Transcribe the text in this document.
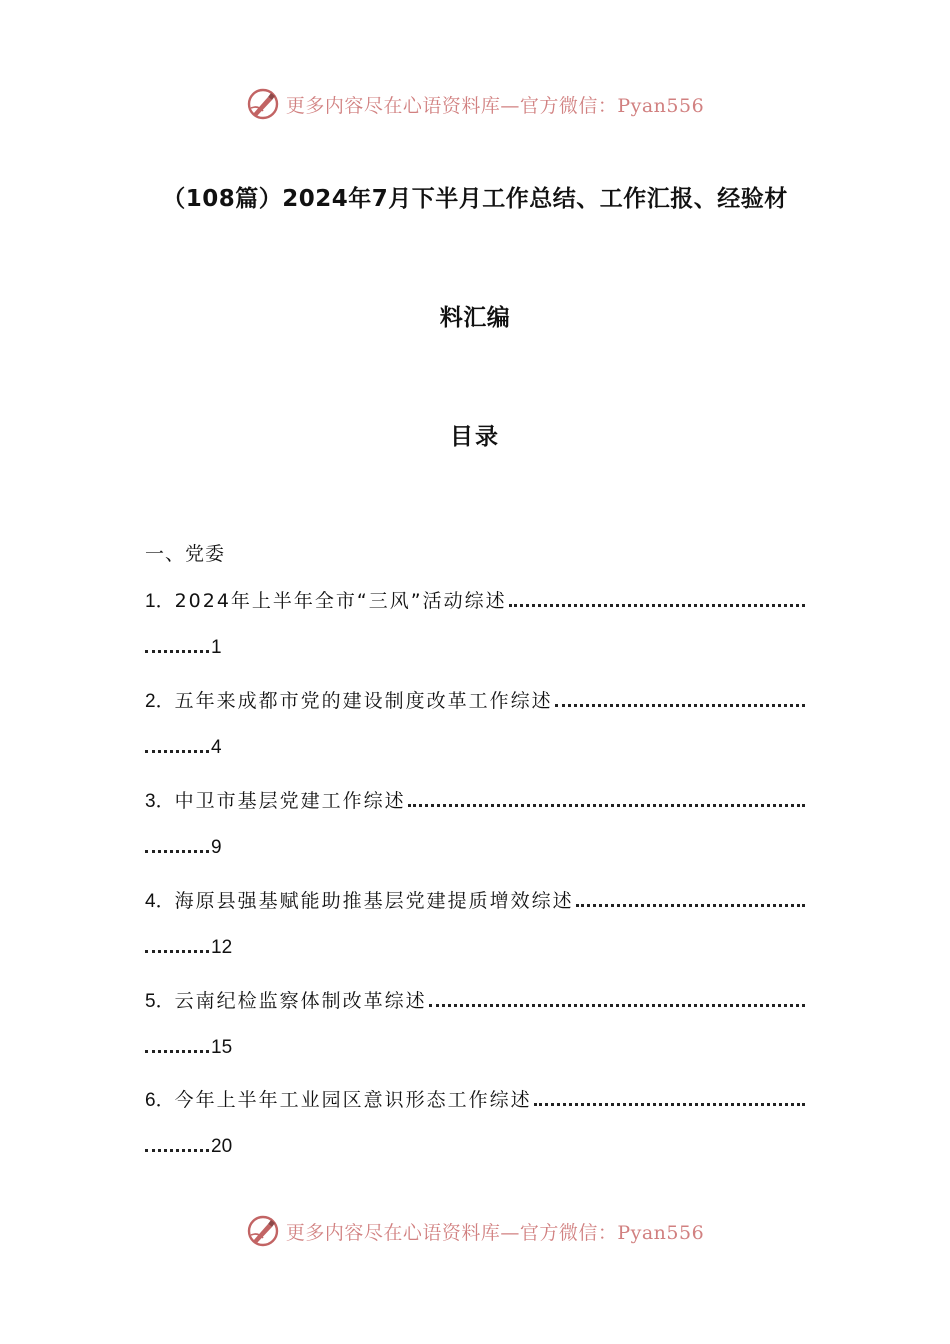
更多内容尽在心语资料库—官方微信：Pyan556
（108篇）2024年7月下半月工作总结、工作汇报、经验材
料汇编
目录
一、党委
1． 2024年上半年全市“三风”活动综述
1
2． 五年来成都市党的建设制度改革工作综述
4
3． 中卫市基层党建工作综述
9
4． 海原县强基赋能助推基层党建提质增效综述
12
5． 云南纪检监察体制改革综述
15
6． 今年上半年工业园区意识形态工作综述
20
更多内容尽在心语资料库—官方微信：Pyan556
